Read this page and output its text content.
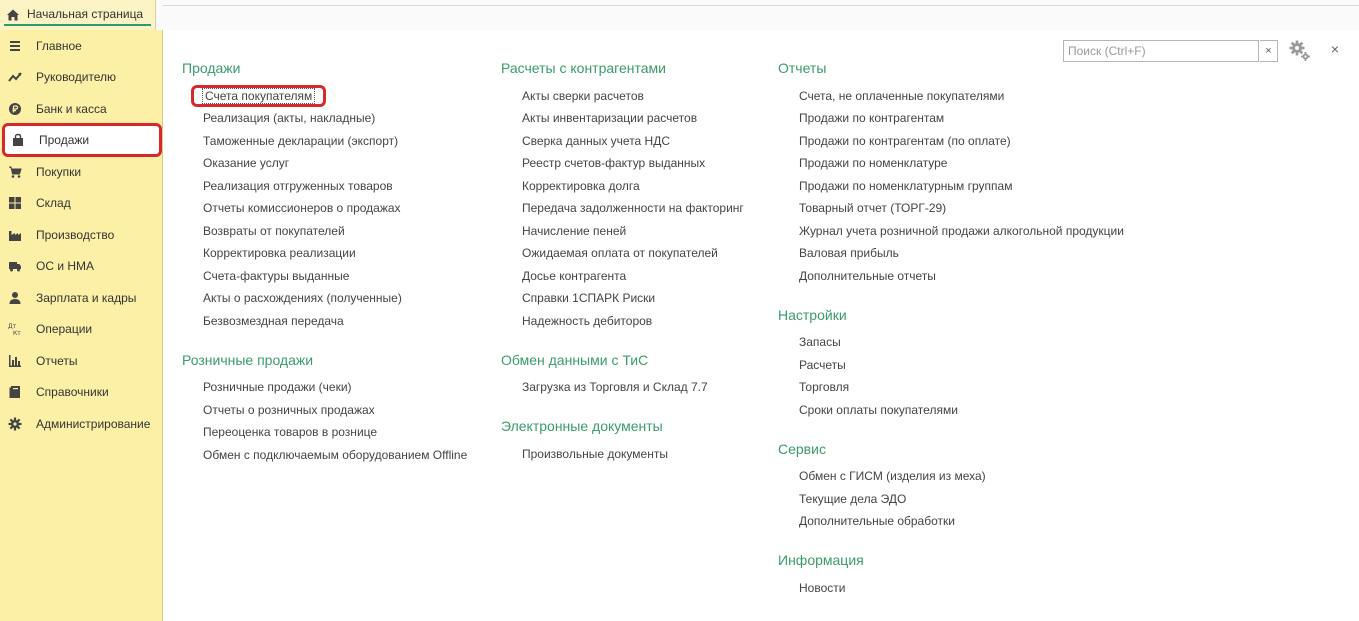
Начальная страница
Главное
Руководителю
Банк и касса
Продажи
Покупки
Склад
Производство
ОС и НМА
Зарплата и кадры
Дт
Кт Операции
Отчеты
Справочники
Администрирование
Поиск (Ctrl+F)
×	×
Продажи
Счета покупателям
Реализация (акты, накладные)
Таможенные декларации (экспорт)
Оказание услуг
Реализация отгруженных товаров
Отчеты комиссионеров о продажах
Возвраты от покупателей
Корректировка реализации
Счета-фактуры выданные
Акты о расхождениях (полученные)
Безвозмездная передача
Розничные продажи
Розничные продажи (чеки)
Отчеты о розничных продажах
Переоценка товаров в рознице
Обмен с подключаемым оборудованием Offline
Расчеты с контрагентами
Акты сверки расчетов
Акты инвентаризации расчетов
Сверка данных учета НДС
Реестр счетов-фактур выданных
Корректировка долга
Передача задолженности на факторинг
Начисление пеней
Ожидаемая оплата от покупателей
Досье контрагента
Справки 1СПАРК Риски
Надежность дебиторов
Обмен данными с ТиС
Загрузка из Торговля и Склад 7.7
Электронные документы
Произвольные документы
Отчеты
Счета, не оплаченные покупателями
Продажи по контрагентам
Продажи по контрагентам (по оплате)
Продажи по номенклатуре
Продажи по номенклатурным группам
Товарный отчет (ТОРГ-29)
Журнал учета розничной продажи алкогольной продукции
Валовая прибыль
Дополнительные отчеты
Настройки
Запасы
Расчеты
Торговля
Сроки оплаты покупателями
Сервис
Обмен с ГИСМ (изделия из меха)
Текущие дела ЭДО
Дополнительные обработки
Информация
Новости
